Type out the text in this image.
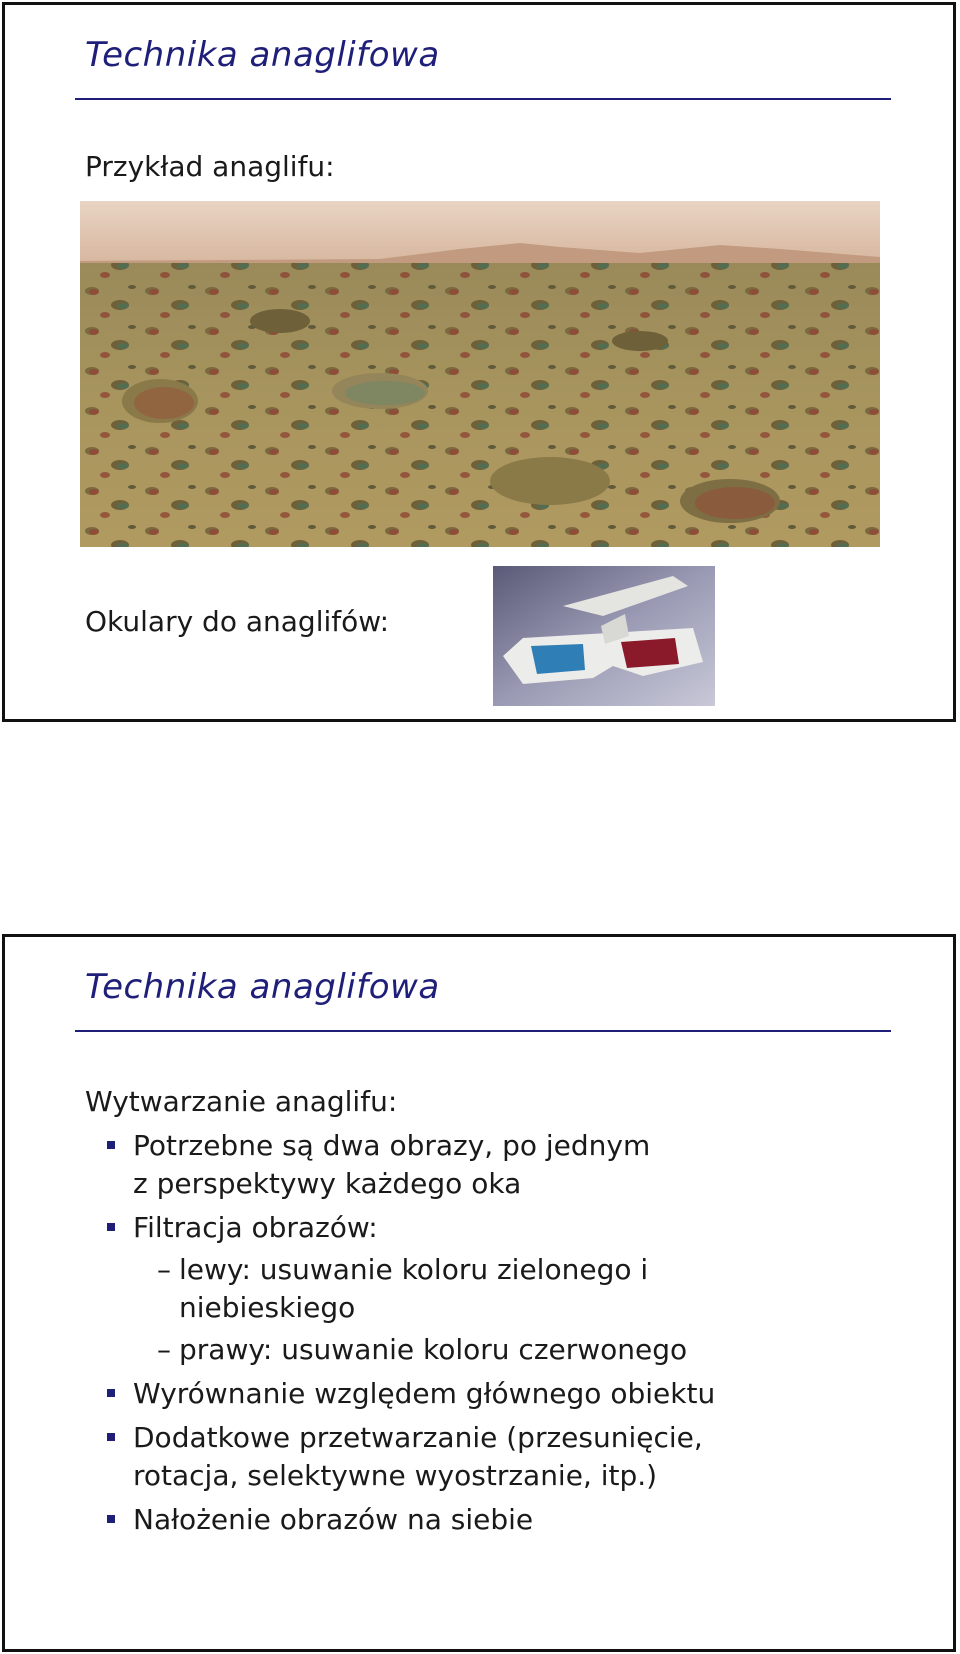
Technika anaglifowa
Przykład anaglifu:
Okulary do anaglifów:
Technika anaglifowa
Wytwarzanie anaglifu:
Potrzebne są dwa obrazy, po jednym
z perspektywy każdego oka
Filtracja obrazów:
– lewy: usuwanie koloru zielonego i
niebieskiego
– prawy: usuwanie koloru czerwonego
Wyrównanie względem głównego obiektu
Dodatkowe przetwarzanie (przesunięcie,
rotacja, selektywne wyostrzanie, itp.)
Nałożenie obrazów na siebie
